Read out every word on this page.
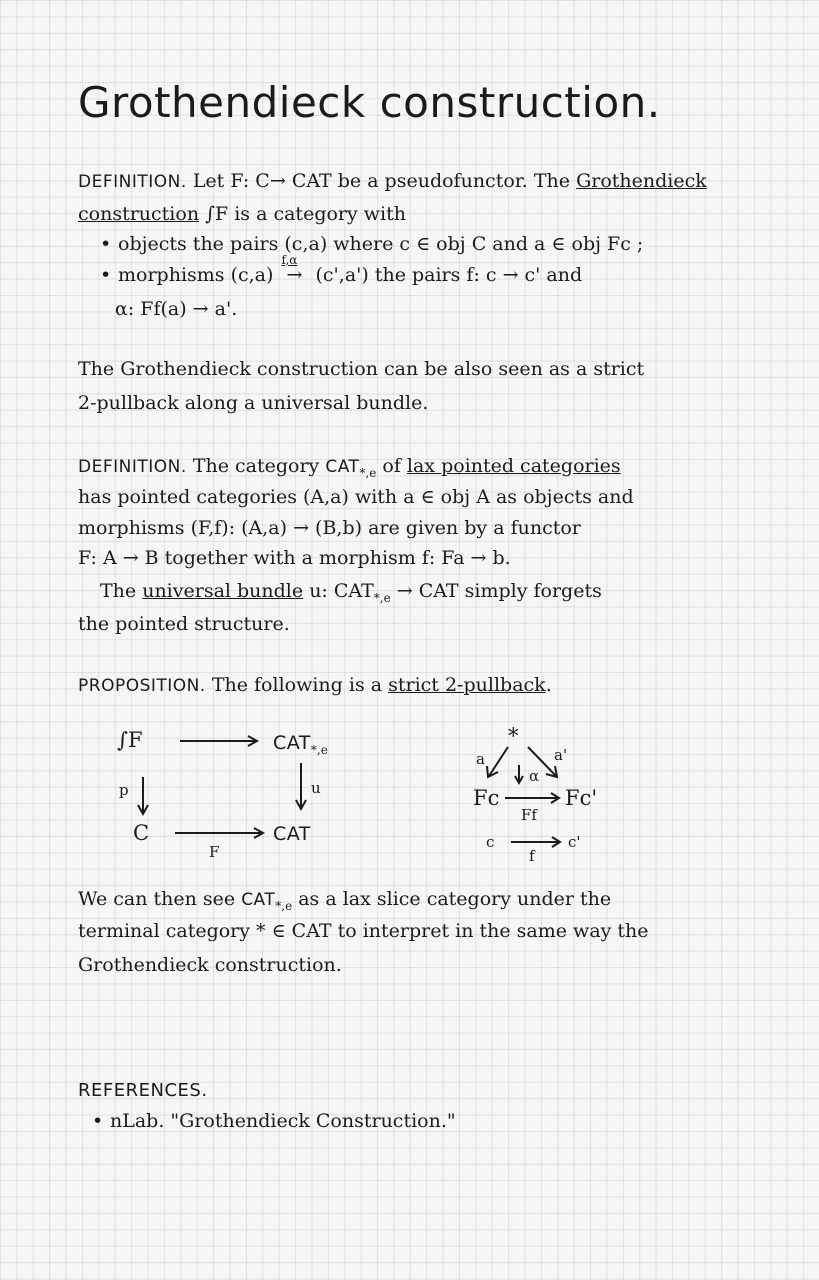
Grothendieck construction.
DEFINITION. Let F: C→ CAT be a pseudofunctor. The Grothendieck
construction ∫F is a category with
• objects the pairs (c,a) where c ∈ obj C and a ∈ obj Fc ;
• morphisms (c,a)
f,α
→ (c',a') the pairs f: c → c' and
α: Ff(a) → a'.
The Grothendieck construction can be also seen as a strict
2-pullback along a universal bundle.
DEFINITION. The category $CAT_{*,e}$ of lax pointed categories
has pointed categories (A,a) with a ∈ obj A as objects and
morphisms (F,f): (A,a) → (B,b) are given by a functor
F: A → B together with a morphism f: Fa → b.
The universal bundle u: $CAT_{*,e}$ → CAT simply forgets
the pointed structure.
PROPOSITION. The following is a strict 2-pullback.
∫F	$CAT_{*,e}$
C	CAT
p	u
F
*
a	a'
α
Fc	Fc'
Ff
c	c'
f
We can then see $CAT_{*,e}$ as a lax slice category under the
terminal category * ∈ CAT to interpret in the same way the
Grothendieck construction.
REFERENCES.
• nLab. "Grothendieck Construction."
